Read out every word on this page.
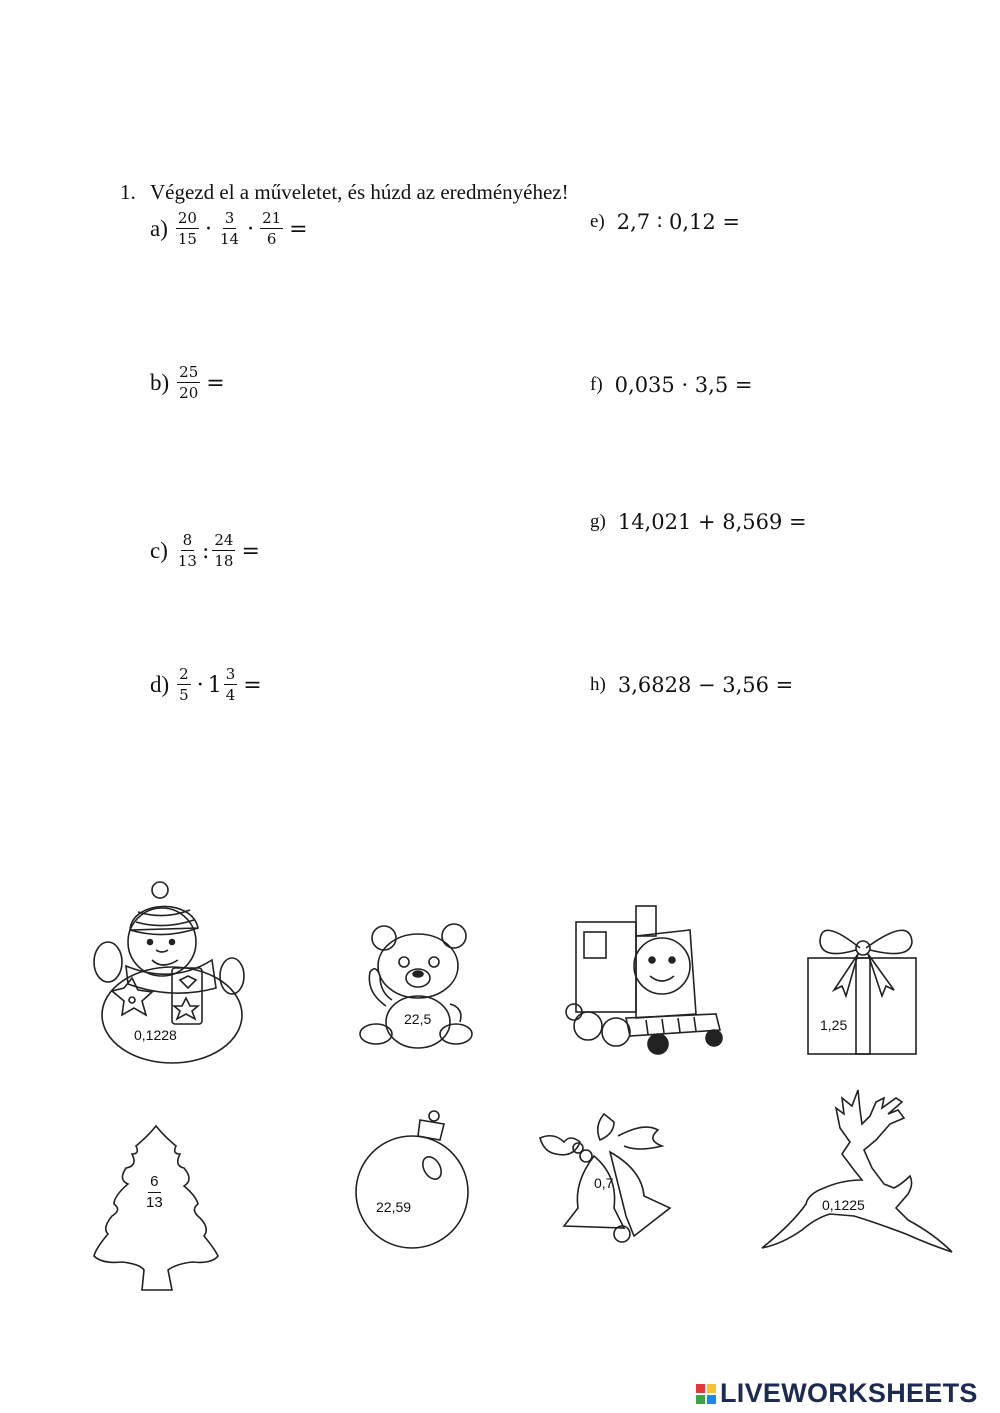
1. Végezd el a műveletet, és húzd az eredményéhez!
$a) \frac{20}{15} \cdot \frac{3}{14} \cdot \frac{21}{6}$ =
$b) \frac{25}{20}$ =
$c) \frac{8}{13}$ : $\frac{24}{18}$ =
$d) \frac{2}{5} \cdot 1 \frac{3}{4}$ =
e) 2,7 ∶ 0,12 =
f) 0,035 · 3,5 =
g) 14,021 + 8,569 =
h) 3,6828 − 3,56 =
0,1228
22,5	1,25
$\frac{6}{13}$	22,59
0,7
0,1225
LIVEWORKSHEETS
